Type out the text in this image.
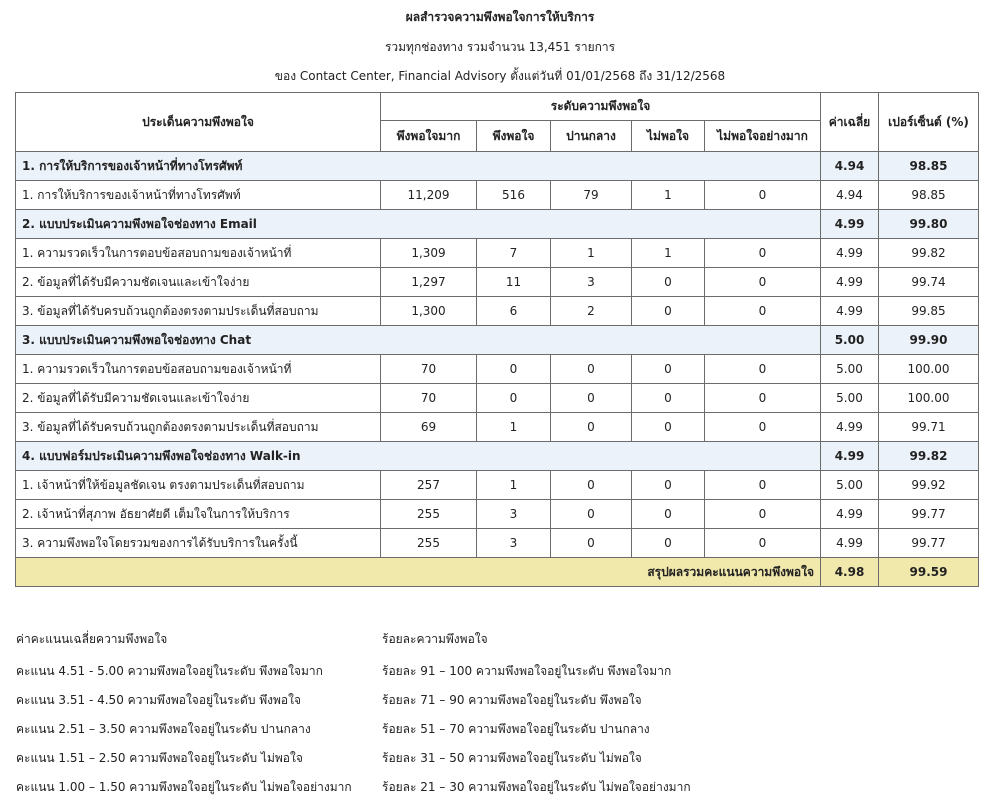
ผลสำรวจความพึงพอใจการให้บริการ
รวมทุกช่องทาง รวมจำนวน 13,451 รายการ
ของ Contact Center, Financial Advisory ตั้งแต่วันที่ 01/01/2568 ถึง 31/12/2568
ประเด็นความพึงพอใจ	ระดับความพึงพอใจ					ค่าเฉลี่ย	เปอร์เซ็นต์ (%)
	พึงพอใจมาก	พึงพอใจ	ปานกลาง	ไม่พอใจ	ไม่พอใจอย่างมาก		
1. การให้บริการของเจ้าหน้าที่ทางโทรศัพท์						4.94	98.85
1. การให้บริการของเจ้าหน้าที่ทางโทรศัพท์	11,209	516	79	1	0	4.94	98.85
2. แบบประเมินความพึงพอใจช่องทาง Email						4.99	99.80
1. ความรวดเร็วในการตอบข้อสอบถามของเจ้าหน้าที่	1,309	7	1	1	0	4.99	99.82
2. ข้อมูลที่ได้รับมีความชัดเจนและเข้าใจง่าย	1,297	11	3	0	0	4.99	99.74
3. ข้อมูลที่ได้รับครบถ้วนถูกต้องตรงตามประเด็นที่สอบถาม	1,300	6	2	0	0	4.99	99.85
3. แบบประเมินความพึงพอใจช่องทาง Chat						5.00	99.90
1. ความรวดเร็วในการตอบข้อสอบถามของเจ้าหน้าที่	70	0	0	0	0	5.00	100.00
2. ข้อมูลที่ได้รับมีความชัดเจนและเข้าใจง่าย	70	0	0	0	0	5.00	100.00
3. ข้อมูลที่ได้รับครบถ้วนถูกต้องตรงตามประเด็นที่สอบถาม	69	1	0	0	0	4.99	99.71
4. แบบฟอร์มประเมินความพึงพอใจช่องทาง Walk-in						4.99	99.82
1. เจ้าหน้าที่ให้ข้อมูลชัดเจน ตรงตามประเด็นที่สอบถาม	257	1	0	0	0	5.00	99.92
2. เจ้าหน้าที่สุภาพ อัธยาศัยดี เต็มใจในการให้บริการ	255	3	0	0	0	4.99	99.77
3. ความพึงพอใจโดยรวมของการได้รับบริการในครั้งนี้	255	3	0	0	0	4.99	99.77
สรุปผลรวมคะแนนความพึงพอใจ						4.98	99.59
ค่าคะแนนเฉลี่ยความพึงพอใจ
คะแนน 4.51 - 5.00 ความพึงพอใจอยู่ในระดับ พึงพอใจมาก
คะแนน 3.51 - 4.50 ความพึงพอใจอยู่ในระดับ พึงพอใจ
คะแนน 2.51 – 3.50 ความพึงพอใจอยู่ในระดับ ปานกลาง
คะแนน 1.51 – 2.50 ความพึงพอใจอยู่ในระดับ ไม่พอใจ
คะแนน 1.00 – 1.50 ความพึงพอใจอยู่ในระดับ ไม่พอใจอย่างมาก
ร้อยละความพึงพอใจ
ร้อยละ 91 – 100 ความพึงพอใจอยู่ในระดับ พึงพอใจมาก
ร้อยละ 71 – 90 ความพึงพอใจอยู่ในระดับ พึงพอใจ
ร้อยละ 51 – 70 ความพึงพอใจอยู่ในระดับ ปานกลาง
ร้อยละ 31 – 50 ความพึงพอใจอยู่ในระดับ ไม่พอใจ
ร้อยละ 21 – 30 ความพึงพอใจอยู่ในระดับ ไม่พอใจอย่างมาก
